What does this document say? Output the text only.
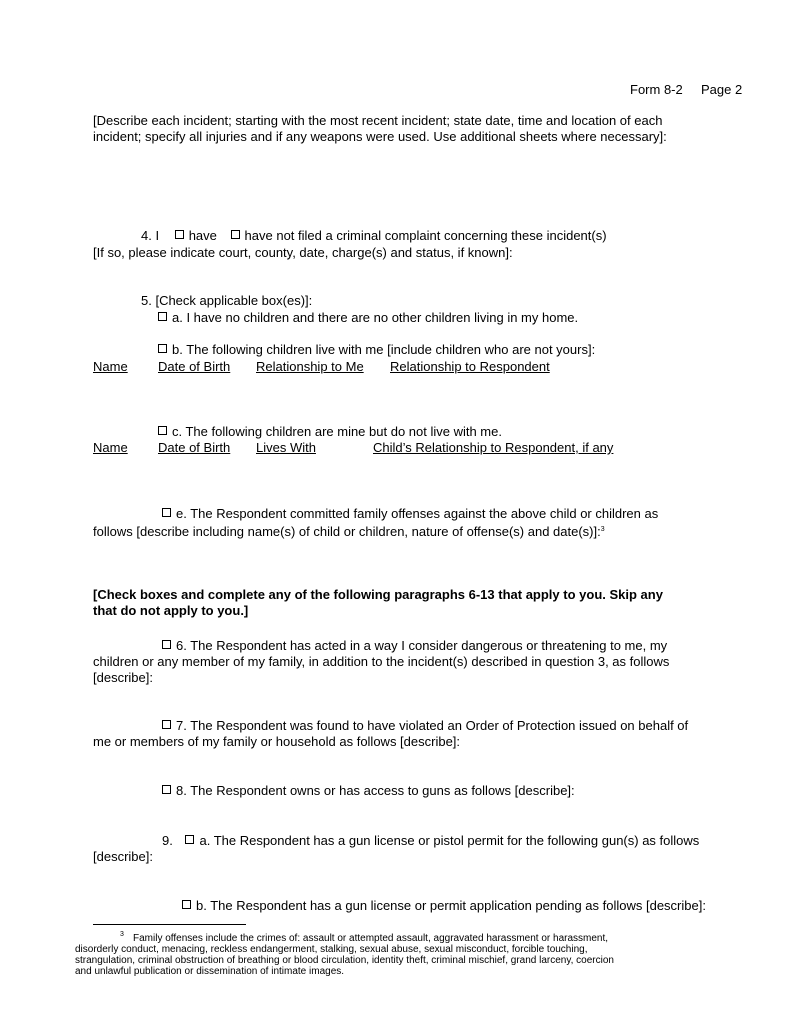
Form 8-2 Page 2
[Describe each incident; starting with the most recent incident; state date, time and location of each
incident; specify all injuries and if any weapons were used. Use additional sheets where necessary]:
4. I have have not filed a criminal complaint concerning these incident(s)
[If so, please indicate court, county, date, charge(s) and status, if known]:
5. [Check applicable box(es)]:
a. I have no children and there are no other children living in my home.
b. The following children live with me [include children who are not yours]:
Name Date of Birth Relationship to Me Relationship to Respondent
c. The following children are mine but do not live with me.
Name Date of Birth Lives With	Child’s Relationship to Respondent, if any
e. The Respondent committed family offenses against the above child or children as
follows [describe including name(s) of child or children, nature of offense(s) and date(s)]:$^3$
[Check boxes and complete any of the following paragraphs 6-13 that apply to you. Skip any
that do not apply to you.]
6. The Respondent has acted in a way I consider dangerous or threatening to me, my
children or any member of my family, in addition to the incident(s) described in question 3, as follows
[describe]:
7. The Respondent was found to have violated an Order of Protection issued on behalf of
me or members of my family or household as follows [describe]:
8. The Respondent owns or has access to guns as follows [describe]:
9. a. The Respondent has a gun license or pistol permit for the following gun(s) as follows
[describe]:
b. The Respondent has a gun license or permit application pending as follows [describe]:
$^3$ Family offenses include the crimes of: assault or attempted assault, aggravated harassment or harassment,
disorderly conduct, menacing, reckless endangerment, stalking, sexual abuse, sexual misconduct, forcible touching,
strangulation, criminal obstruction of breathing or blood circulation, identity theft, criminal mischief, grand larceny, coercion
and unlawful publication or dissemination of intimate images.
